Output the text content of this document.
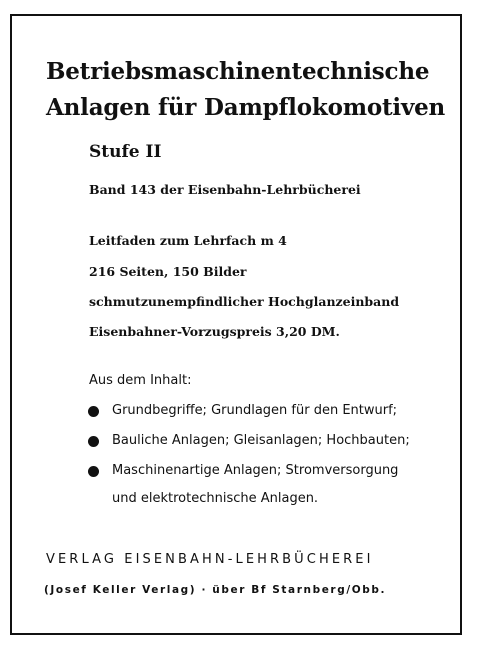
Betriebsmaschinentechnische
Anlagen für Dampflokomotiven
Stufe II
Band 143 der Eisenbahn-Lehrbücherei
Leitfaden zum Lehrfach m 4
216 Seiten, 150 Bilder
schmutzunempfindlicher Hochglanzeinband
Eisenbahner-Vorzugspreis 3,20 DM.
Aus dem Inhalt:
Grundbegriffe; Grundlagen für den Entwurf;
Bauliche Anlagen; Gleisanlagen; Hochbauten;
Maschinenartige Anlagen; Stromversorgung
und elektrotechnische Anlagen.
VERLAG EISENBAHN-LEHRBÜCHEREI
(Josef Keller Verlag) · über Bf Starnberg/Obb.
